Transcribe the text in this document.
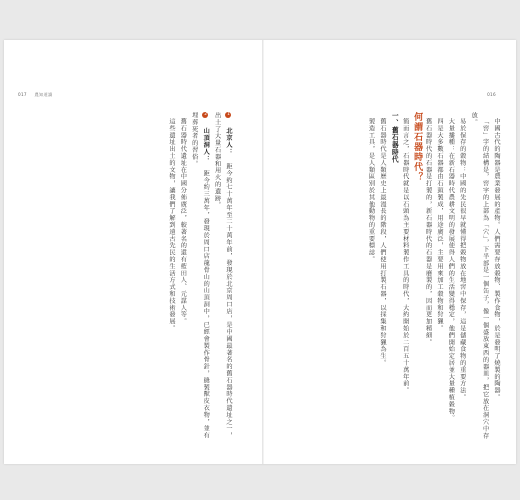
017 農知道讀

1 北京人： 距今約七十萬年至二十萬年前，發現於北京周口店，是中國最著名的舊石器時代遺址之一，出土了大量石器和用火的遺跡。

2 山頂洞人： 距今約三萬年，發現於周口店龍骨山的山頂洞中，已經會製作骨針，縫製獸皮衣物，並有埋葬死者的習俗。

舊石器時代遺址在中國分佈廣泛，較著名的還有藍田人、元謀人等。

這些遺址出土的文物，讓我們了解到遠古先民的生活方式和技術發展。

016

中國古代的陶器是農業發展的產物。人們需要存放穀物、製作食物，於是發明了燒製的陶器。

「窖」字的結構是，窖字的上部為「穴」，下半部是一個缶子，像一個盛放東西的器皿，把它放在洞穴中存放。

易於保存的穀物：中國的先民很早就懂得把穀物放在地窖中保存，這是儲藏食物的重要方法。

大量播種：在新石器時代農耕文明的發展使得人們的生活變得穩定，他們開始定居並大量種植穀物。

四是大多數石器都由石頭製成，用途廣泛，主要用來加工穀物和狩獵。

舊石器時代的石器是打製的，新石器時代的石器是磨製的，因而更加精細。

何謂石器時代？

簡而言之，石器時代就是以石頭為主要材料製作工具的時代，大約開始於二百五十萬年前。

一、舊石器時代

舊石器時代是人類歷史上最漫長的階段，人們使用打製石器，以採集和狩獵為生。

製造工具，是人類區別於其他動物的重要標誌。
